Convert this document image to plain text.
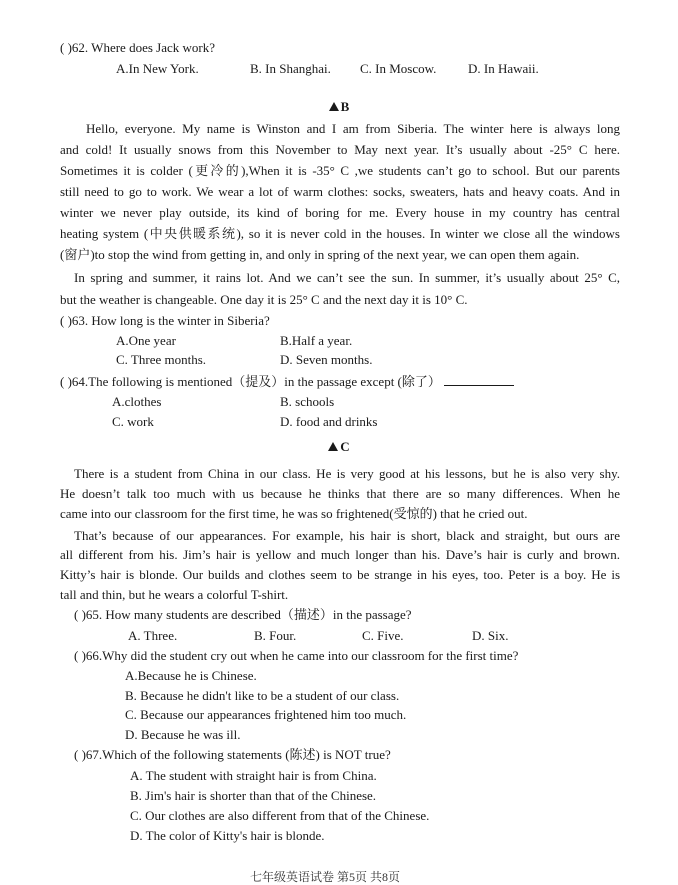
( )62. Where does Jack work?
A.In New York.	B. In Shanghai. C. In Moscow. D. In Hawaii.
B
Hello, everyone. My name is Winston and I am from Siberia. The winter here is always long
and cold! It usually snows from this November to May next year. It’s usually about -25° C here.
Sometimes it is colder (更冷的),When it is -35° C ,we students can’t go to school. But our parents
still need to go to work. We wear a lot of warm clothes: socks, sweaters, hats and heavy coats. And in
winter we never play outside, its kind of boring for me. Every house in my country has central
heating system (中央供暖系统), so it is never cold in the houses. In winter we close all the windows
(窗户)to stop the wind from getting in, and only in spring of the next year, we can open them again.
In spring and summer, it rains lot. And we can’t see the sun. In summer, it’s usually about 25° C,
but the weather is changeable. One day it is 25° C and the next day it is 10° C.
( )63. How long is the winter in Siberia?
A.One year	B.Half a year.
C. Three months.	D. Seven months.
( )64.The following is mentioned（提及）in the passage except (除了）
A.clothes	B. schools
C. work	D. food and drinks
C
There is a student from China in our class. He is very good at his lessons, but he is also very shy.
He doesn’t talk too much with us because he thinks that there are so many differences. When he
came into our classroom for the first time, he was so frightened(受惊的) that he cried out.
That’s because of our appearances. For example, his hair is short, black and straight, but ours are
all different from his. Jim’s hair is yellow and much longer than his. Dave’s hair is curly and brown.
Kitty’s hair is blonde. Our builds and clothes seem to be strange in his eyes, too. Peter is a boy. He is
tall and thin, but he wears a colorful T-shirt.
( )65. How many students are described（描述）in the passage?
A. Three.	B. Four.	C. Five.	D. Six.
( )66.Why did the student cry out when he came into our classroom for the first time?
A.Because he is Chinese.
B. Because he didn't like to be a student of our class.
C. Because our appearances frightened him too much.
D. Because he was ill.
( )67.Which of the following statements (陈述) is NOT true?
A. The student with straight hair is from China.
B. Jim's hair is shorter than that of the Chinese.
C. Our clothes are also different from that of the Chinese.
D. The color of Kitty's hair is blonde.
七年级英语试卷 第5页 共8页
